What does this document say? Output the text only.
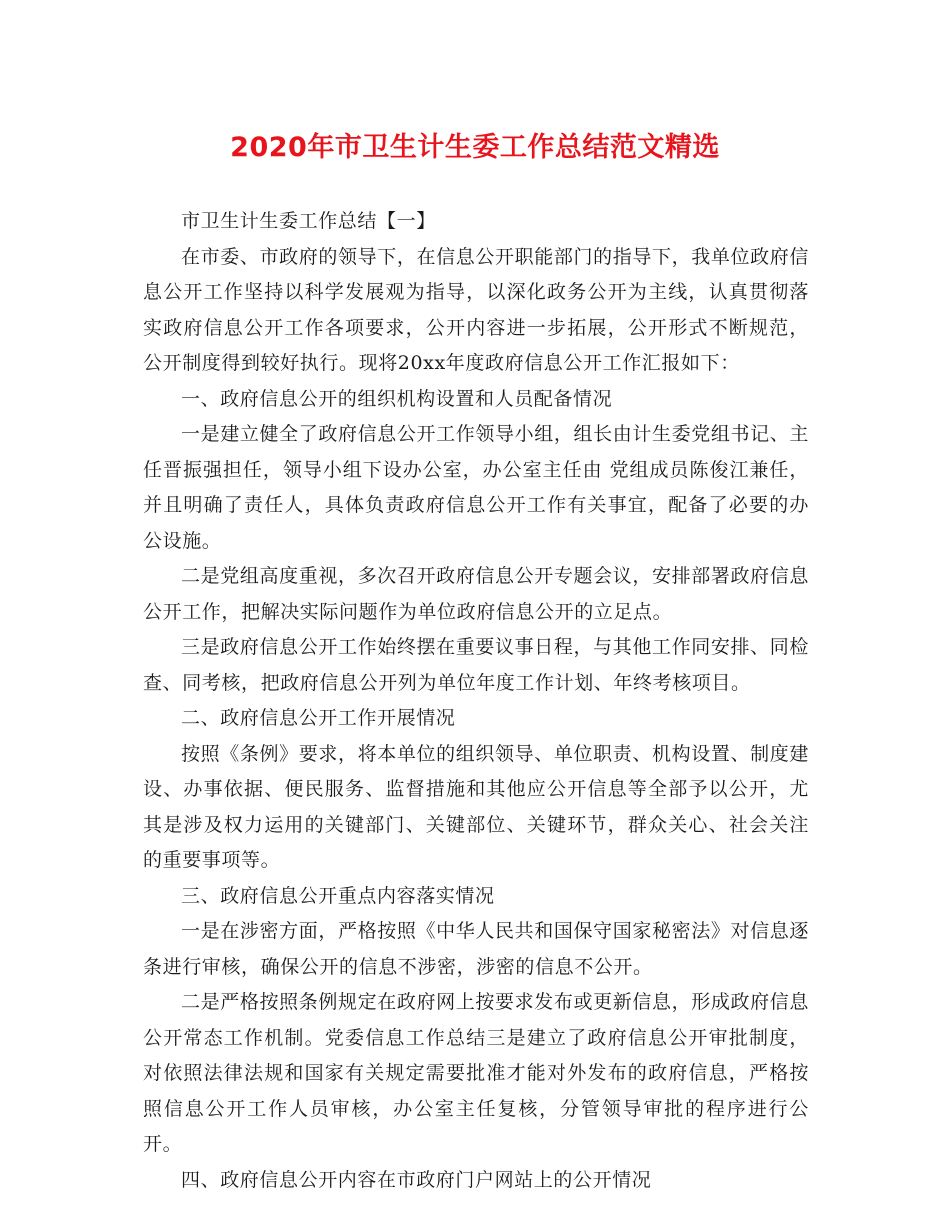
2020年市卫生计生委工作总结范文精选

市卫生计生委工作总结【一】

在市委、市政府的领导下，在信息公开职能部门的指导下，我单位政府信息公开工作坚持以科学发展观为指导，以深化政务公开为主线，认真贯彻落实政府信息公开工作各项要求，公开内容进一步拓展，公开形式不断规范，公开制度得到较好执行。现将20xx年度政府信息公开工作汇报如下：

一、政府信息公开的组织机构设置和人员配备情况

一是建立健全了政府信息公开工作领导小组，组长由计生委党组书记、主任晋振强担任，领导小组下设办公室，办公室主任由 党组成员陈俊江兼任，并且明确了责任人，具体负责政府信息公开工作有关事宜，配备了必要的办公设施。

二是党组高度重视，多次召开政府信息公开专题会议，安排部署政府信息公开工作，把解决实际问题作为单位政府信息公开的立足点。

三是政府信息公开工作始终摆在重要议事日程，与其他工作同安排、同检查、同考核，把政府信息公开列为单位年度工作计划、年终考核项目。

二、政府信息公开工作开展情况

按照《条例》要求，将本单位的组织领导、单位职责、机构设置、制度建设、办事依据、便民服务、监督措施和其他应公开信息等全部予以公开，尤其是涉及权力运用的关键部门、关键部位、关键环节，群众关心、社会关注的重要事项等。

三、政府信息公开重点内容落实情况

一是在涉密方面，严格按照《中华人民共和国保守国家秘密法》对信息逐条进行审核，确保公开的信息不涉密，涉密的信息不公开。

二是严格按照条例规定在政府网上按要求发布或更新信息，形成政府信息公开常态工作机制。党委信息工作总结三是建立了政府信息公开审批制度，对依照法律法规和国家有关规定需要批准才能对外发布的政府信息，严格按照信息公开工作人员审核，办公室主任复核，分管领导审批的程序进行公开。

四、政府信息公开内容在市政府门户网站上的公开情况
